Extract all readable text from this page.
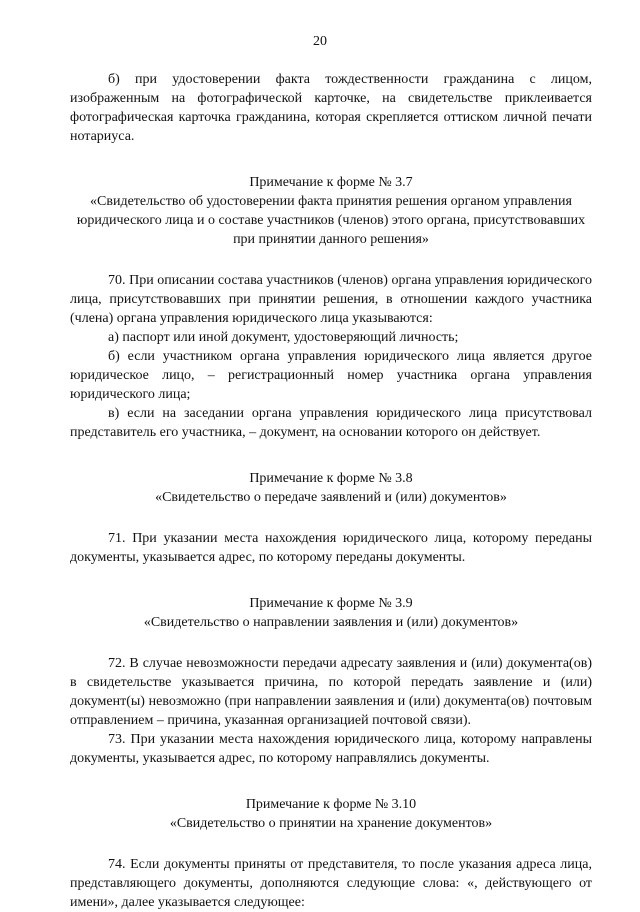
20

б) при удостоверении факта тождественности гражданина с лицом, изображенным на фотографической карточке, на свидетельстве приклеивается фотографическая карточка гражданина, которая скрепляется оттиском личной печати нотариуса.

Примечание к форме № 3.7
«Свидетельство об удостоверении факта принятия решения органом управления юридического лица и о составе участников (членов) этого органа, присутствовавших при принятии данного решения»

70. При описании состава участников (членов) органа управления юридического лица, присутствовавших при принятии решения, в отношении каждого участника (члена) органа управления юридического лица указываются:

а) паспорт или иной документ, удостоверяющий личность;

б) если участником органа управления юридического лица является другое юридическое лицо, – регистрационный номер участника органа управления юридического лица;

в) если на заседании органа управления юридического лица присутствовал представитель его участника, – документ, на основании которого он действует.

Примечание к форме № 3.8
«Свидетельство о передаче заявлений и (или) документов»

71. При указании места нахождения юридического лица, которому переданы документы, указывается адрес, по которому переданы документы.

Примечание к форме № 3.9
«Свидетельство о направлении заявления и (или) документов»

72. В случае невозможности передачи адресату заявления и (или) документа(ов) в свидетельстве указывается причина, по которой передать заявление и (или) документ(ы) невозможно (при направлении заявления и (или) документа(ов) почтовым отправлением – причина, указанная организацией почтовой связи).

73. При указании места нахождения юридического лица, которому направлены документы, указывается адрес, по которому направлялись документы.

Примечание к форме № 3.10
«Свидетельство о принятии на хранение документов»

74. Если документы приняты от представителя, то после указания адреса лица, представляющего документы, дополняются следующие слова: «, действующего от имени», далее указывается следующее:
